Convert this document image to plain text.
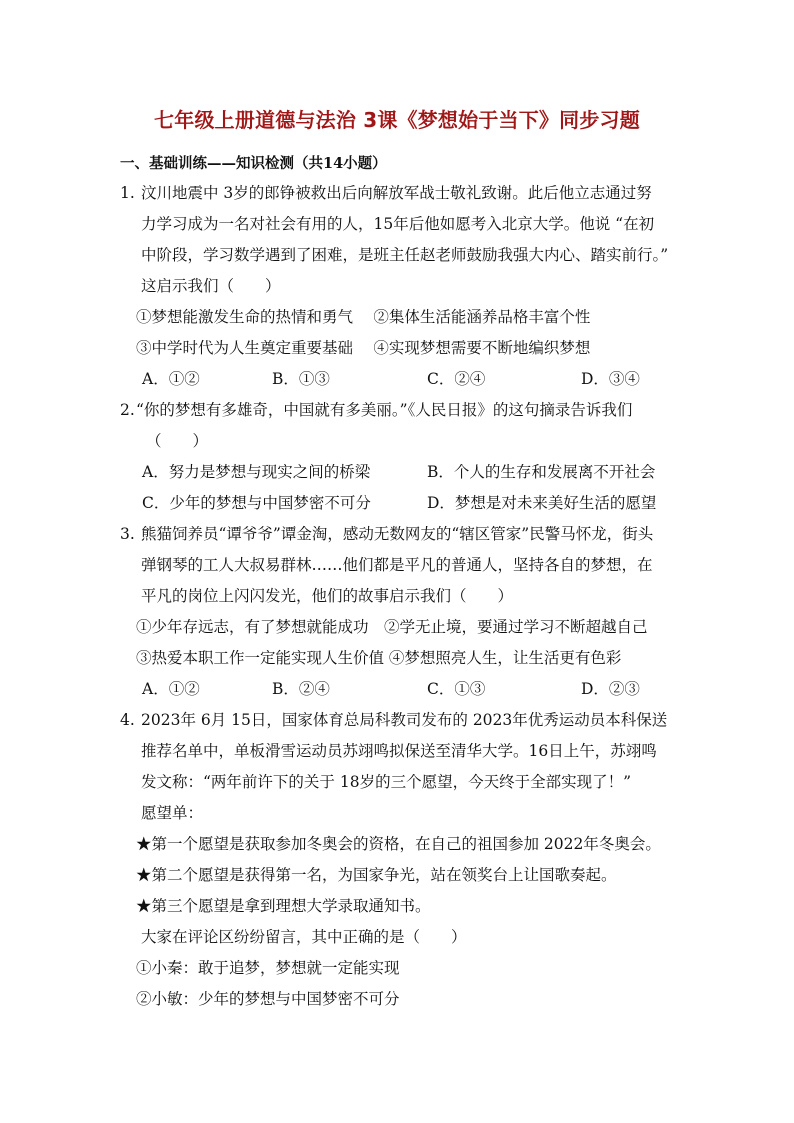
七年级上册道德与法治 3课《梦想始于当下》同步习题
一、基础训练——知识检测（共14小题）
1. 汶川地震中 3岁的郎铮被救出后向解放军战士敬礼致谢。此后他立志通过努
力学习成为一名对社会有用的人，15年后他如愿考入北京大学。他说 “在初
中阶段，学习数学遇到了困难，是班主任赵老师鼓励我强大内心、踏实前行。”
这启示我们（　　）
①梦想能激发生命的热情和勇气　 ②集体生活能涵养品格丰富个性
③中学时代为人生奠定重要基础　 ④实现梦想需要不断地编织梦想
A．①②	B．①③	C．②④	D．③④
2. “你的梦想有多雄奇，中国就有多美丽。”《人民日报》的这句摘录告诉我们
（　　）
A．努力是梦想与现实之间的桥梁	B．个人的生存和发展离不开社会
C．少年的梦想与中国梦密不可分	D．梦想是对未来美好生活的愿望
3. 熊猫饲养员“谭爷爷”谭金淘，感动无数网友的“辖区管家”民警马怀龙，街头
弹钢琴的工人大叔易群林……他们都是平凡的普通人，坚持各自的梦想，在
平凡的岗位上闪闪发光，他们的故事启示我们（　　）
①少年存远志，有了梦想就能成功　②学无止境，要通过学习不断超越自己
③热爱本职工作一定能实现人生价值 ④梦想照亮人生，让生活更有色彩
A．①②	B．②④	C．①③	D．②③
4. 2023年 6月 15日，国家体育总局科教司发布的 2023年优秀运动员本科保送
推荐名单中，单板滑雪运动员苏翊鸣拟保送至清华大学。16日上午，苏翊鸣
发文称：“两年前许下的关于 18岁的三个愿望，今天终于全部实现了！”
愿望单：
★第一个愿望是获取参加冬奥会的资格，在自己的祖国参加 2022年冬奥会。
★第二个愿望是获得第一名，为国家争光，站在领奖台上让国歌奏起。
★第三个愿望是拿到理想大学录取通知书。
大家在评论区纷纷留言，其中正确的是（　　）
①小秦：敢于追梦，梦想就一定能实现
②小敏：少年的梦想与中国梦密不可分
